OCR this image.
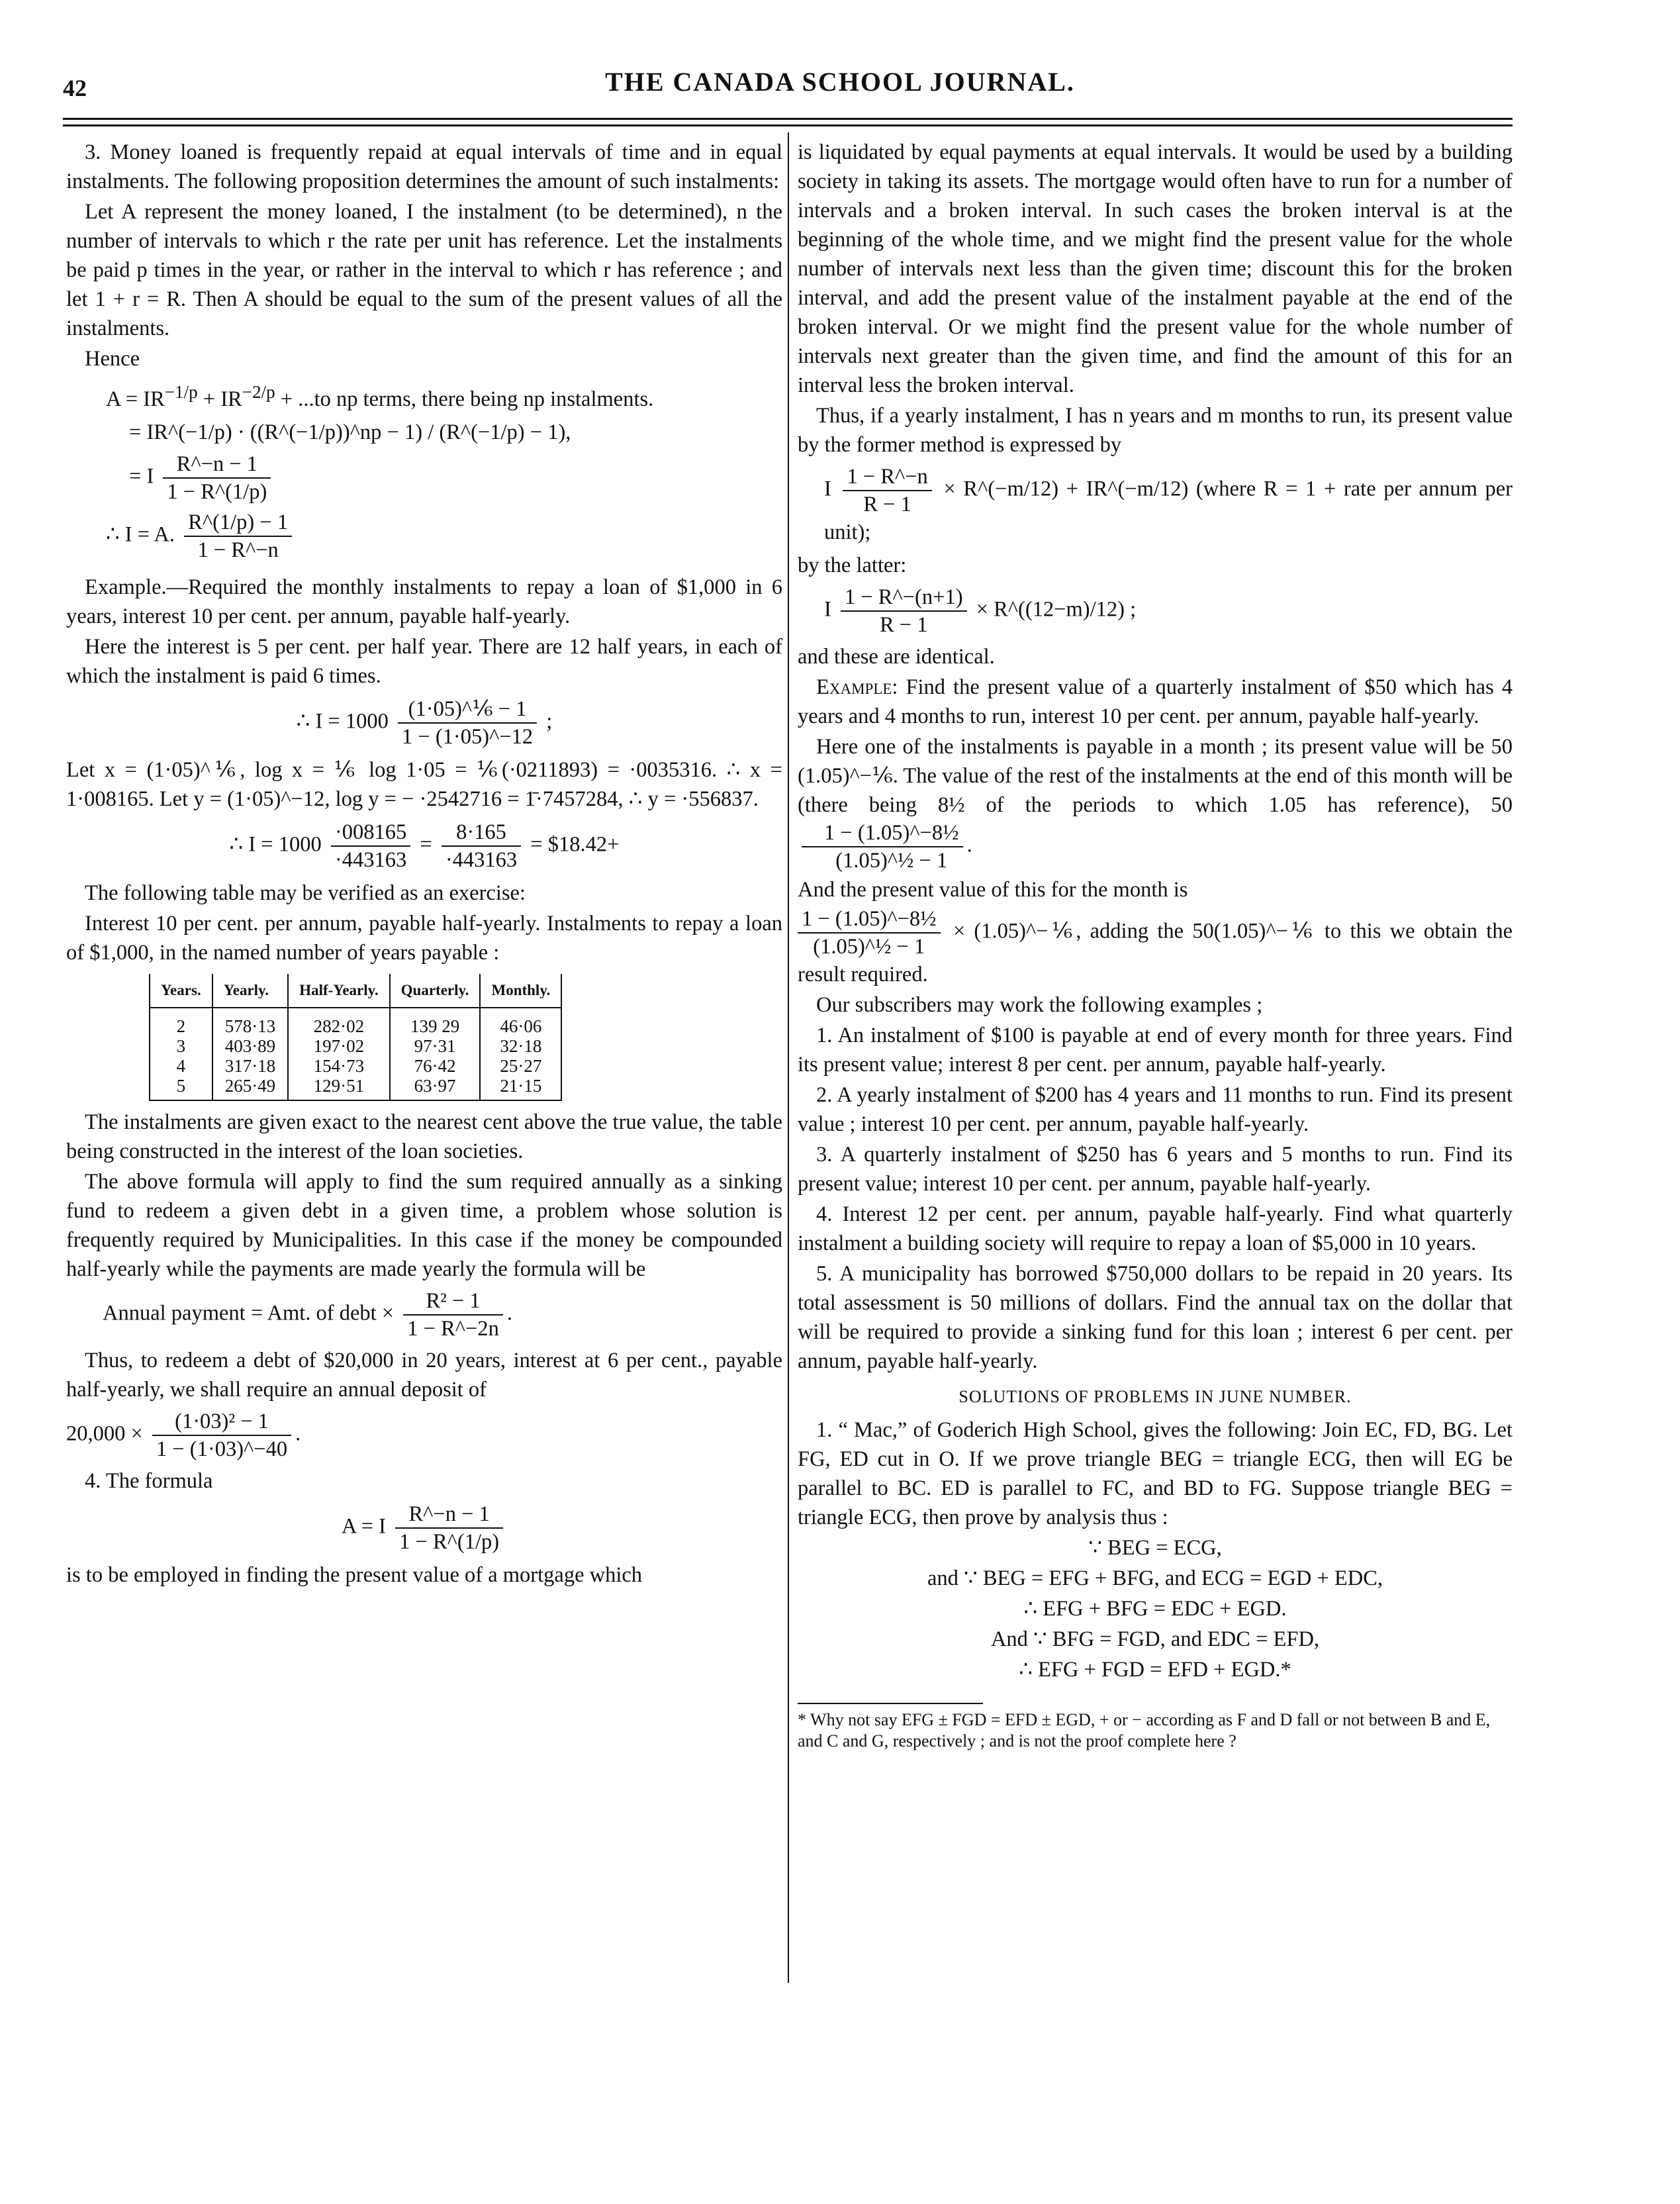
42	THE CANADA SCHOOL JOURNAL.

3. Money loaned is frequently repaid at equal intervals of time and in equal instalments. The following proposition determines the amount of such instalments:

Let A represent the money loaned, I the instalment (to be determined), n the number of intervals to which r the rate per unit has reference. Let the instalments be paid p times in the year, or rather in the interval to which r has reference ; and let 1 + r = R. Then A should be equal to the sum of the present values of all the instalments.

Hence

$A = IR^{-1/p} + IR^{-2/p} + ...to$ np terms, there being np instalments.
= IR^(−1/p) · ((R^(−1/p))^np − 1) / (R^(−1/p) − 1),
= I $\frac{R\^{}-n - 1}{1 - R\^{}(1/p)}$
∴ I = A. $\frac{R\^{}(1/p) - 1}{1 - R\^{}-n}$

Example.—Required the monthly instalments to repay a loan of $1,000 in 6 years, interest 10 per cent. per annum, payable half-yearly.

Here the interest is 5 per cent. per half year. There are 12 half years, in each of which the instalment is paid 6 times.

∴ $I = 1000 \frac{\text{(1·05)\textasciicircum{}⅙ − 1}}{1 - (1\cdot 05)\^{}-12}$ ;

Let x = (1·05)^⅙, log x = ⅙ log 1·05 = ⅙(·0211893) = ·0035316. ∴ x = 1·008165. Let y = (1·05)^−12, log y = − ·2542716 = 1̄·7457284, ∴ y = ·556837.

∴ $I = 1000 \frac{\cdot 008165}{\cdot 443163} = \frac{8\cdot 165}{\cdot 443163}$ = $18.42+

The following table may be verified as an exercise:

Interest 10 per cent. per annum, payable half-yearly. Instalments to repay a loan of $1,000, in the named number of years payable :

Years.	Yearly.	Half-Yearly.	Quarterly.	Monthly.
2	578·13	282·02	139 29	46·06
3	403·89	197·02	97·31	32·18
4	317·18	154·73	76·42	25·27
5	265·49	129·51	63·97	21·15

The instalments are given exact to the nearest cent above the true value, the table being constructed in the interest of the loan societies.

The above formula will apply to find the sum required annually as a sinking fund to redeem a given debt in a given time, a problem whose solution is frequently required by Municipalities. In this case if the money be compounded half-yearly while the payments are made yearly the formula will be

Annual payment = Amt. of debt × $\frac{\text{R² − 1}}{1 - R\^{}-2n}$ .

Thus, to redeem a debt of $20,000 in 20 years, interest at 6 per cent., payable half-yearly, we shall require an annual deposit of

$20,000 \times \frac{\text{(1·03)² − 1}}{1 - (1\cdot 03)\^{}-40}$ .

4. The formula

A = I $\frac{R\^{}-n - 1}{1 - R\^{}(1/p)}$

is to be employed in finding the present value of a mortgage which

is liquidated by equal payments at equal intervals. It would be used by a building society in taking its assets. The mortgage would often have to run for a number of intervals and a broken interval. In such cases the broken interval is at the beginning of the whole time, and we might find the present value for the whole number of intervals next less than the given time; discount this for the broken interval, and add the present value of the instalment payable at the end of the broken interval. Or we might find the present value for the whole number of intervals next greater than the given time, and find the amount of this for an interval less the broken interval.

Thus, if a yearly instalment, I has n years and m months to run, its present value by the former method is expressed by

I $\frac{1 - R\^{}-n}{R - 1}$ × R^(−m/12) + IR^(−m/12) (where R = 1 + rate per annum per unit);

by the latter:

I $\frac{1 - R\^{}-(n+1)}{R - 1}$ × R^((12−m)/12) ;

and these are identical.

Example: Find the present value of a quarterly instalment of $50 which has 4 years and 4 months to run, interest 10 per cent. per annum, payable half-yearly.

Here one of the instalments is payable in a month ; its present value will be 50 (1.05)^−⅙. The value of the rest of the instalments at the end of this month will be (there being 8½ of the periods to which 1.05 has reference), 50
$\frac{\text{1 − (1.05)\textasciicircum{}−8½}}{\text{(1.05)\textasciicircum{}½ − 1}}$ .

And the present value of this for the month is

$\frac{\text{1 − (1.05)\textasciicircum{}−8½}}{\text{(1.05)\textasciicircum{}½ − 1}}$ × (1.05)^−⅙, adding the 50(1.05)^−⅙ to this we obtain the result required.

Our subscribers may work the following examples ;

1. An instalment of $100 is payable at end of every month for three years. Find its present value; interest 8 per cent. per annum, payable half-yearly.

2. A yearly instalment of $200 has 4 years and 11 months to run. Find its present value ; interest 10 per cent. per annum, payable half-yearly.

3. A quarterly instalment of $250 has 6 years and 5 months to run. Find its present value; interest 10 per cent. per annum, payable half-yearly.

4. Interest 12 per cent. per annum, payable half-yearly. Find what quarterly instalment a building society will require to repay a loan of $5,000 in 10 years.

5. A municipality has borrowed $750,000 dollars to be repaid in 20 years. Its total assessment is 50 millions of dollars. Find the annual tax on the dollar that will be required to provide a sinking fund for this loan ; interest 6 per cent. per annum, payable half-yearly.

SOLUTIONS OF PROBLEMS IN JUNE NUMBER.

1. “ Mac,” of Goderich High School, gives the following: Join EC, FD, BG. Let FG, ED cut in O. If we prove triangle BEG = triangle ECG, then will EG be parallel to BC. ED is parallel to FC, and BD to FG. Suppose triangle BEG = triangle ECG, then prove by analysis thus :

∵ BEG = ECG,
and ∵ BEG = EFG + BFG, and ECG = EGD + EDC,
∴ EFG + BFG = EDC + EGD.
And ∵ BFG = FGD, and EDC = EFD,
∴ EFG + FGD = EFD + EGD.*

* Why not say EFG ± FGD = EFD ± EGD, + or − according as F and D fall or not between B and E, and C and G, respectively ; and is not the proof complete here ?
